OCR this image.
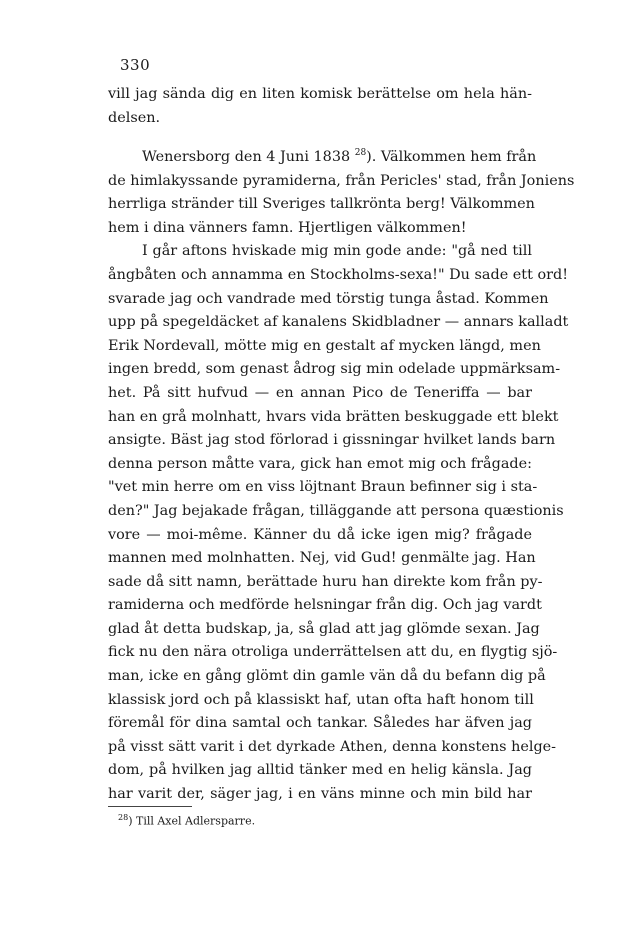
330
vill jag sända dig en liten komisk berättelse om hela hän-
delsen.
Wenersborg den 4 Juni 1838 $^{28}$). Välkommen hem från
de himlakyssande pyramiderna, från Pericles' stad, från Joniens
herrliga stränder till Sveriges tallkrönta berg! Välkommen
hem i dina vänners famn. Hjertligen välkommen!
I går aftons hviskade mig min gode ande: "gå ned till
ångbåten och annamma en Stockholms-sexa!" Du sade ett ord!
svarade jag och vandrade med törstig tunga åstad. Kommen
upp på spegeldäcket af kanalens Skidbladner — annars kalladt
Erik Nordevall, mötte mig en gestalt af mycken längd, men
ingen bredd, som genast ådrog sig min odelade uppmärksam-
het. På sitt hufvud — en annan Pico de Teneriffa — bar
han en grå molnhatt, hvars vida brätten beskuggade ett blekt
ansigte. Bäst jag stod förlorad i gissningar hvilket lands barn
denna person måtte vara, gick han emot mig och frågade:
"vet min herre om en viss löjtnant Braun befinner sig i sta-
den?" Jag bejakade frågan, tilläggande att persona quæstionis
vore — moi-même. Känner du då icke igen mig? frågade
mannen med molnhatten. Nej, vid Gud! genmälte jag. Han
sade då sitt namn, berättade huru han direkte kom från py-
ramiderna och medförde helsningar från dig. Och jag vardt
glad åt detta budskap, ja, så glad att jag glömde sexan. Jag
fick nu den nära otroliga underrättelsen att du, en flygtig sjö-
man, icke en gång glömt din gamle vän då du befann dig på
klassisk jord och på klassiskt haf, utan ofta haft honom till
föremål för dina samtal och tankar. Således har äfven jag
på visst sätt varit i det dyrkade Athen, denna konstens helge-
dom, på hvilken jag alltid tänker med en helig känsla. Jag
har varit der, säger jag, i en väns minne och min bild har
$^{28}$) Till Axel Adlersparre.
